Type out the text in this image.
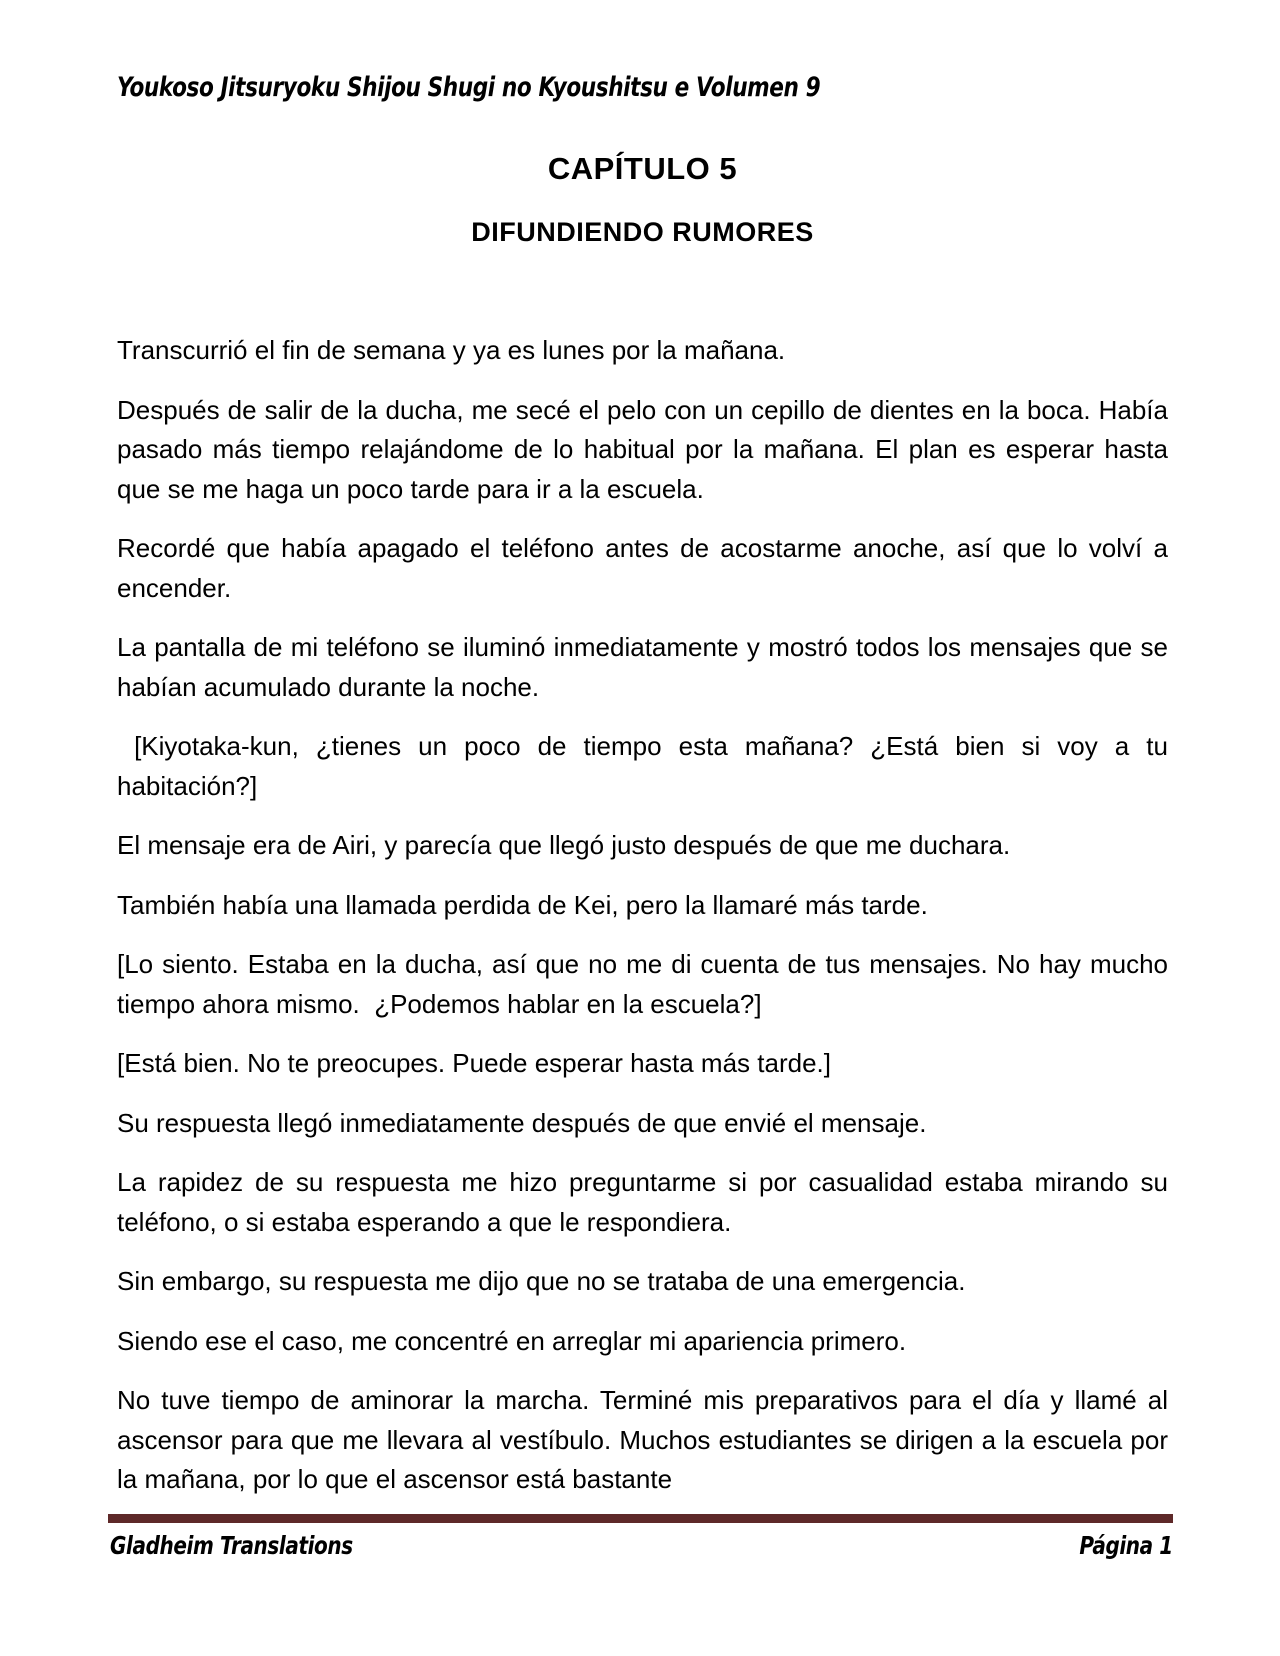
Youkoso Jitsuryoku Shijou Shugi no Kyoushitsu e Volumen 9
CAPÍTULO 5
DIFUNDIENDO RUMORES

Transcurrió el fin de semana y ya es lunes por la mañana.

Después de salir de la ducha, me secé el pelo con un cepillo de dientes en la boca. Había pasado más tiempo relajándome de lo habitual por la mañana. El plan es esperar hasta que se me haga un poco tarde para ir a la escuela.

Recordé que había apagado el teléfono antes de acostarme anoche, así que lo volví a encender.

La pantalla de mi teléfono se iluminó inmediatamente y mostró todos los mensajes que se habían acumulado durante la noche.

[Kiyotaka-kun, ¿tienes un poco de tiempo esta mañana? ¿Está bien si voy a tu habitación?]

El mensaje era de Airi, y parecía que llegó justo después de que me duchara.

También había una llamada perdida de Kei, pero la llamaré más tarde.

[Lo siento. Estaba en la ducha, así que no me di cuenta de tus mensajes. No hay mucho tiempo ahora mismo.  ¿Podemos hablar en la escuela?]

[Está bien. No te preocupes. Puede esperar hasta más tarde.]

Su respuesta llegó inmediatamente después de que envié el mensaje.

La rapidez de su respuesta me hizo preguntarme si por casualidad estaba mirando su teléfono, o si estaba esperando a que le respondiera.

Sin embargo, su respuesta me dijo que no se trataba de una emergencia.

Siendo ese el caso, me concentré en arreglar mi apariencia primero.

No tuve tiempo de aminorar la marcha. Terminé mis preparativos para el día y llamé al ascensor para que me llevara al vestíbulo. Muchos estudiantes se dirigen a la escuela por la mañana, por lo que el ascensor está bastante

Gladheim Translations	Página 1
